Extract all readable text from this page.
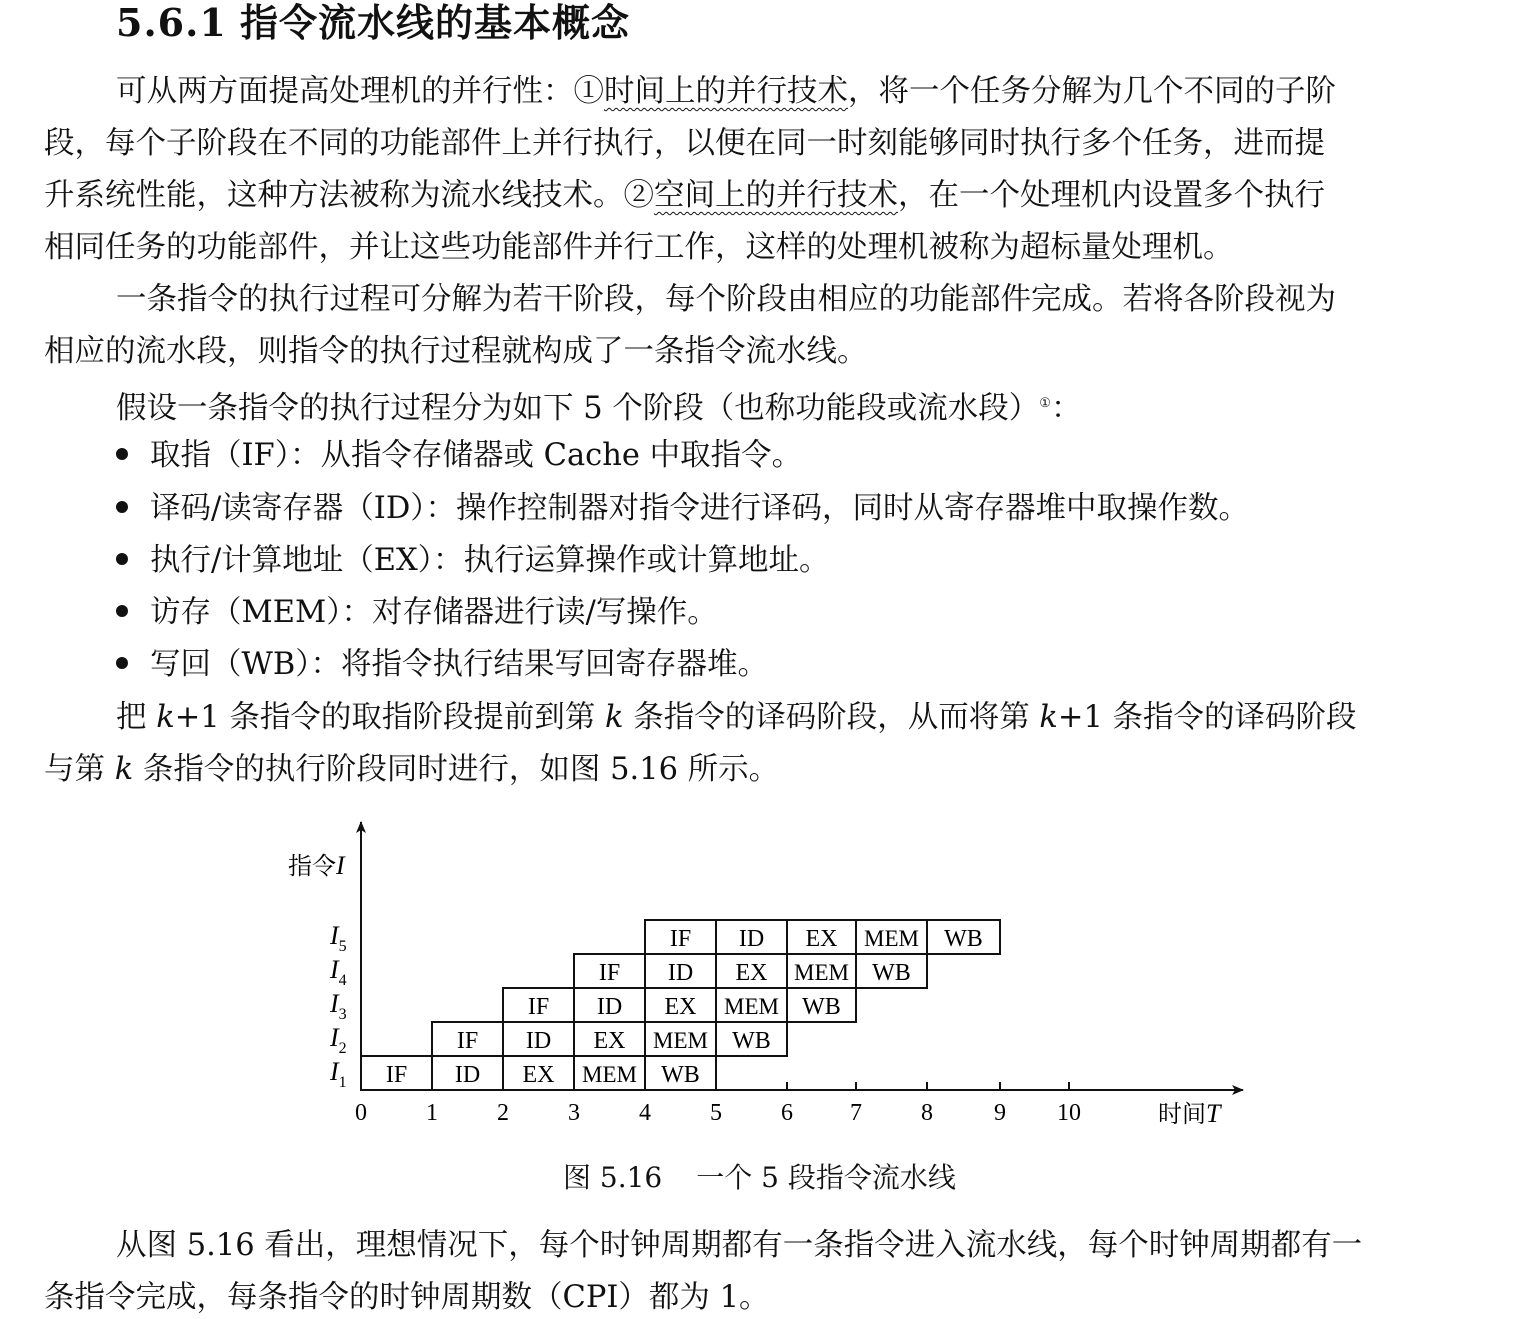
5.6.1 指令流水线的基本概念
可从两方面提高处理机的并行性：①时间上的并行技术，将一个任务分解为几个不同的子阶
段，每个子阶段在不同的功能部件上并行执行，以便在同一时刻能够同时执行多个任务，进而提
升系统性能，这种方法被称为流水线技术。②空间上的并行技术，在一个处理机内设置多个执行
相同任务的功能部件，并让这些功能部件并行工作，这样的处理机被称为超标量处理机。
一条指令的执行过程可分解为若干阶段，每个阶段由相应的功能部件完成。若将各阶段视为
相应的流水段，则指令的执行过程就构成了一条指令流水线。
假设一条指令的执行过程分为如下 5 个阶段（也称功能段或流水段）①：
取指（IF）：从指令存储器或 Cache 中取指令。
译码/读寄存器（ID）：操作控制器对指令进行译码，同时从寄存器堆中取操作数。
执行/计算地址（EX）：执行运算操作或计算地址。
访存（MEM）：对存储器进行读/写操作。
写回（WB）：将指令执行结果写回寄存器堆。
把 k+1 条指令的取指阶段提前到第 k 条指令的译码阶段，从而将第 k+1 条指令的译码阶段
与第 k 条指令的执行阶段同时进行，如图 5.16 所示。
指令I
时间T
0 1 2 3 4 5 6 7 8	9 10
IF ID EX MEM WB
IF ID EX MEM WB
IF ID EX MEM WB
IF ID EX MEM WB
IF ID EX MEM WB
$I_1$
$I_2$
$I_3$
$I_4$
$I_5$
图 5.16 一个 5 段指令流水线
从图 5.16 看出，理想情况下，每个时钟周期都有一条指令进入流水线，每个时钟周期都有一
条指令完成，每条指令的时钟周期数（CPI）都为 1。
